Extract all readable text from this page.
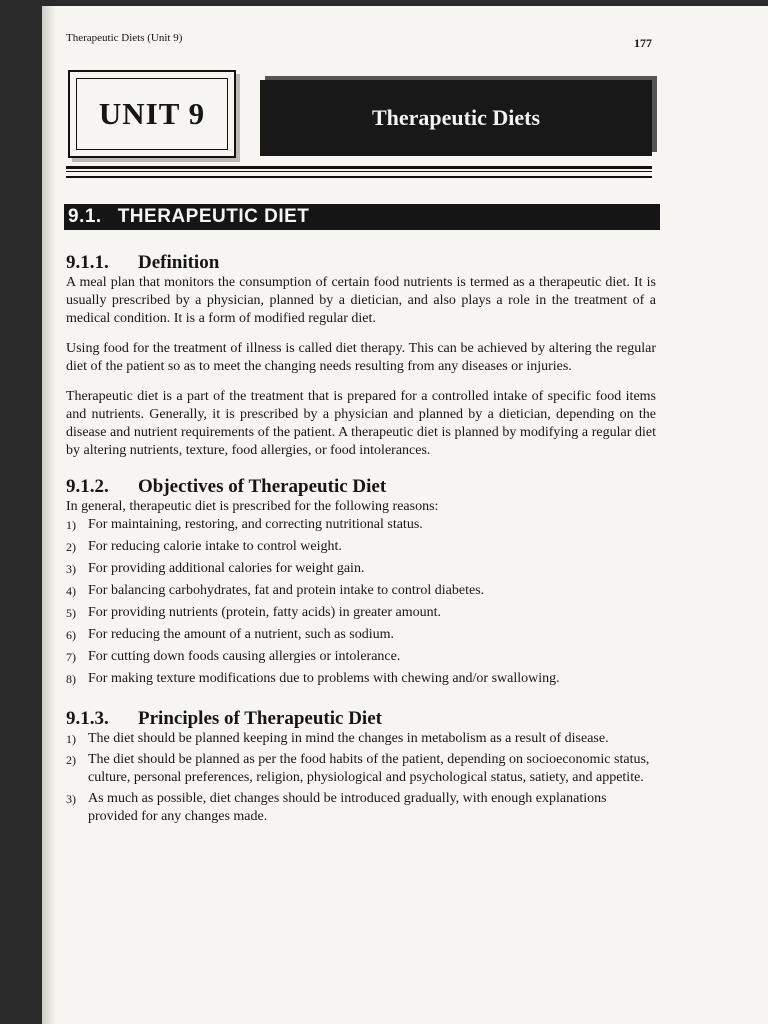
Therapeutic Diets (Unit 9)	177
UNIT 9	Therapeutic Diets
9.1. THERAPEUTIC DIET
9.1.1. Definition

A meal plan that monitors the consumption of certain food nutrients is termed as a therapeutic diet. It is usually prescribed by a physician, planned by a dietician, and also plays a role in the treatment of a medical condition. It is a form of modified regular diet.

Using food for the treatment of illness is called diet therapy. This can be achieved by altering the regular diet of the patient so as to meet the changing needs resulting from any diseases or injuries.

Therapeutic diet is a part of the treatment that is prepared for a controlled intake of specific food items and nutrients. Generally, it is prescribed by a physician and planned by a dietician, depending on the disease and nutrient requirements of the patient. A therapeutic diet is planned by modifying a regular diet by altering nutrients, texture, food allergies, or food intolerances.

9.1.2. Objectives of Therapeutic Diet

In general, therapeutic diet is prescribed for the following reasons:

1) For maintaining, restoring, and correcting nutritional status.
2) For reducing calorie intake to control weight.
3) For providing additional calories for weight gain.
4) For balancing carbohydrates, fat and protein intake to control diabetes.
5) For providing nutrients (protein, fatty acids) in greater amount.
6) For reducing the amount of a nutrient, such as sodium.
7) For cutting down foods causing allergies or intolerance.
8) For making texture modifications due to problems with chewing and/or swallowing.
9.1.3. Principles of Therapeutic Diet
1) The diet should be planned keeping in mind the changes in metabolism as a result of disease.
2) The diet should be planned as per the food habits of the patient, depending on socioeconomic status, culture, personal preferences, religion, physiological and psychological status, satiety, and appetite.
3) As much as possible, diet changes should be introduced gradually, with enough explanations provided for any changes made.
